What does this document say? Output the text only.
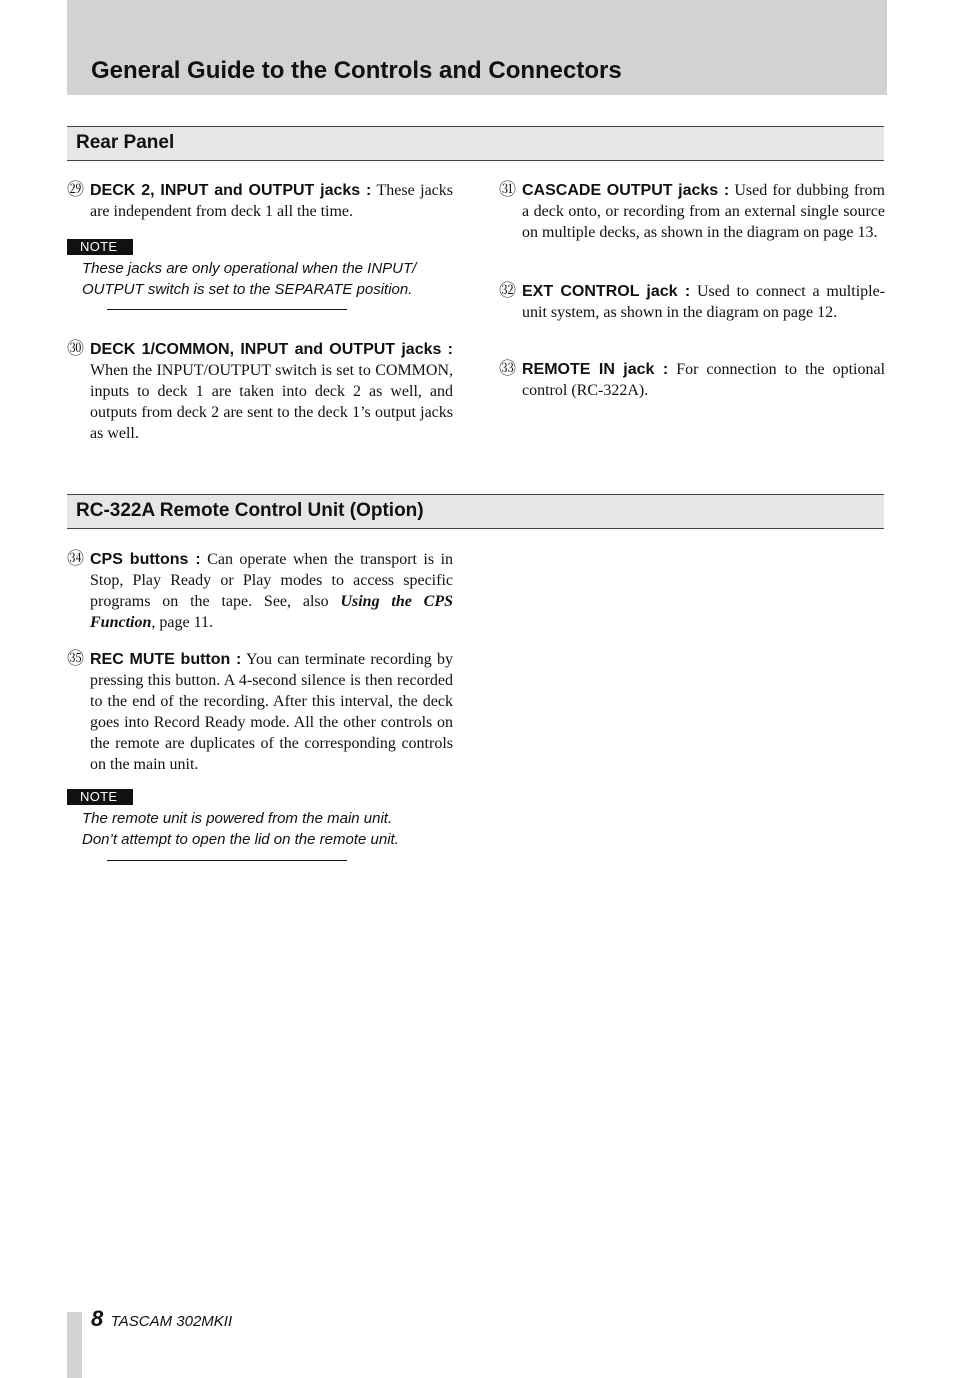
General Guide to the Controls and Connectors
Rear Panel
㉙ DECK 2, INPUT and OUTPUT jacks : These jacks are independent from deck 1 all the time.
NOTE
These jacks are only operational when the INPUT/
OUTPUT switch is set to the SEPARATE position.
㉚ DECK 1/COMMON, INPUT and OUTPUT jacks : When the INPUT/OUTPUT switch is set to COMMON, inputs to deck 1 are taken into deck 2 as well, and outputs from deck 2 are sent to the deck 1’s output jacks as well.
㉛ CASCADE OUTPUT jacks : Used for dubbing from a deck onto, or recording from an external single source on multiple decks, as shown in the diagram on page 13.
㉜ EXT CONTROL jack : Used to connect a multiple-unit system, as shown in the diagram on page 12.
㉝ REMOTE IN jack : For connection to the optional control (RC-322A).
RC-322A Remote Control Unit (Option)
㉞ CPS buttons : Can operate when the transport is in Stop, Play Ready or Play modes to access specific programs on the tape. See, also Using the CPS Function, page 11.
㉟ REC MUTE button : You can terminate recording by pressing this button. A 4-second silence is then recorded to the end of the recording. After this interval, the deck goes into Record Ready mode. All the other controls on the remote are duplicates of the corresponding controls on the main unit.
NOTE
The remote unit is powered from the main unit.
Don’t attempt to open the lid on the remote unit.
8 TASCAM 302MKII
